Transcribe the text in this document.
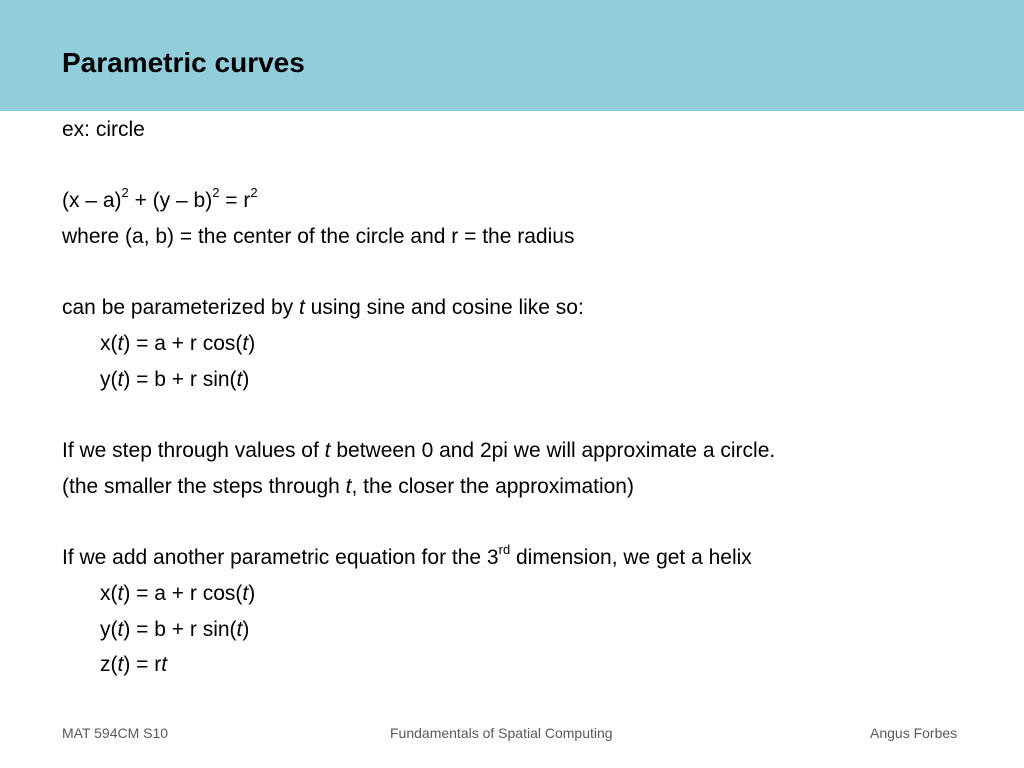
Parametric curves
ex: circle
$(x - a)^2 + (y - b)^2 = r^2$
where (a, b) = the center of the circle and r = the radius
can be parameterized by t using sine and cosine like so:
x(t) = a + r cos(t)
y(t) = b + r sin(t)
If we step through values of t between 0 and 2pi we will approximate a circle.
(the smaller the steps through t, the closer the approximation)
If we add another parametric equation for the 3rd dimension, we get a helix
x(t) = a + r cos(t)
y(t) = b + r sin(t)
z(t) = rt
MAT 594CM S10	Fundamentals of Spatial Computing	Angus Forbes
